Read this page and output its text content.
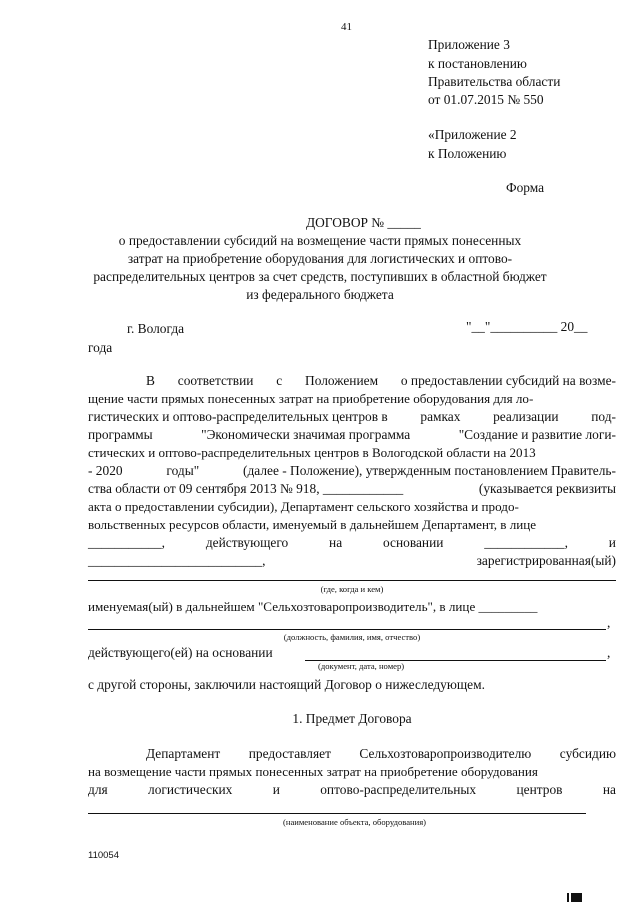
41
Приложение 3
к постановлению
Правительства области
от 01.07.2015 № 550
«Приложение 2
к Положению
Форма
ДОГОВОР № _____
о предоставлении субсидий на возмещение части прямых понесенных
затрат на приобретение оборудования для логистических и оптово-
распределительных центров за счет средств, поступивших в областной бюджет
из федерального бюджета
г. Вологда	"__"__________ 20__
года
В соответствии с Положением о предоставлении субсидий на возме-
щение части прямых понесенных затрат на приобретение оборудования для ло-
гистических и оптово-распределительных центров в рамках реализации под-
программы	"Экономически значимая программа	"Создание и развитие логи-
стических и оптово-распределительных центров в Вологодской области на 2013
- 2020	годы"	(далее - Положение), утвержденным постановлением Правитель-
ства области от 09 сентября 2013 № 918, ____________	(указывается реквизиты
акта о предоставлении субсидии), Департамент сельского хозяйства и продо-
вольственных ресурсов области, именуемый в дальнейшем Департамент, в лице
___________,	действующего	на	основании	____________,	и
__________________________,	зарегистрированная(ый)
(где, когда и кем)
именуемая(ый) в дальнейшем "Сельхозтоваропроизводитель", в лице _________
,
(должность, фамилия, имя, отчество)
действующего(ей) на основании	,
(документ, дата, номер)
с другой стороны, заключили настоящий Договор о нижеследующем.
1. Предмет Договора
Департамент предоставляет Сельхозтоваропроизводителю субсидию
на возмещение части прямых понесенных затрат на приобретение оборудования
для	логистических	и	оптово-распределительных	центров	на
(наименование объекта, оборудования)
110054
